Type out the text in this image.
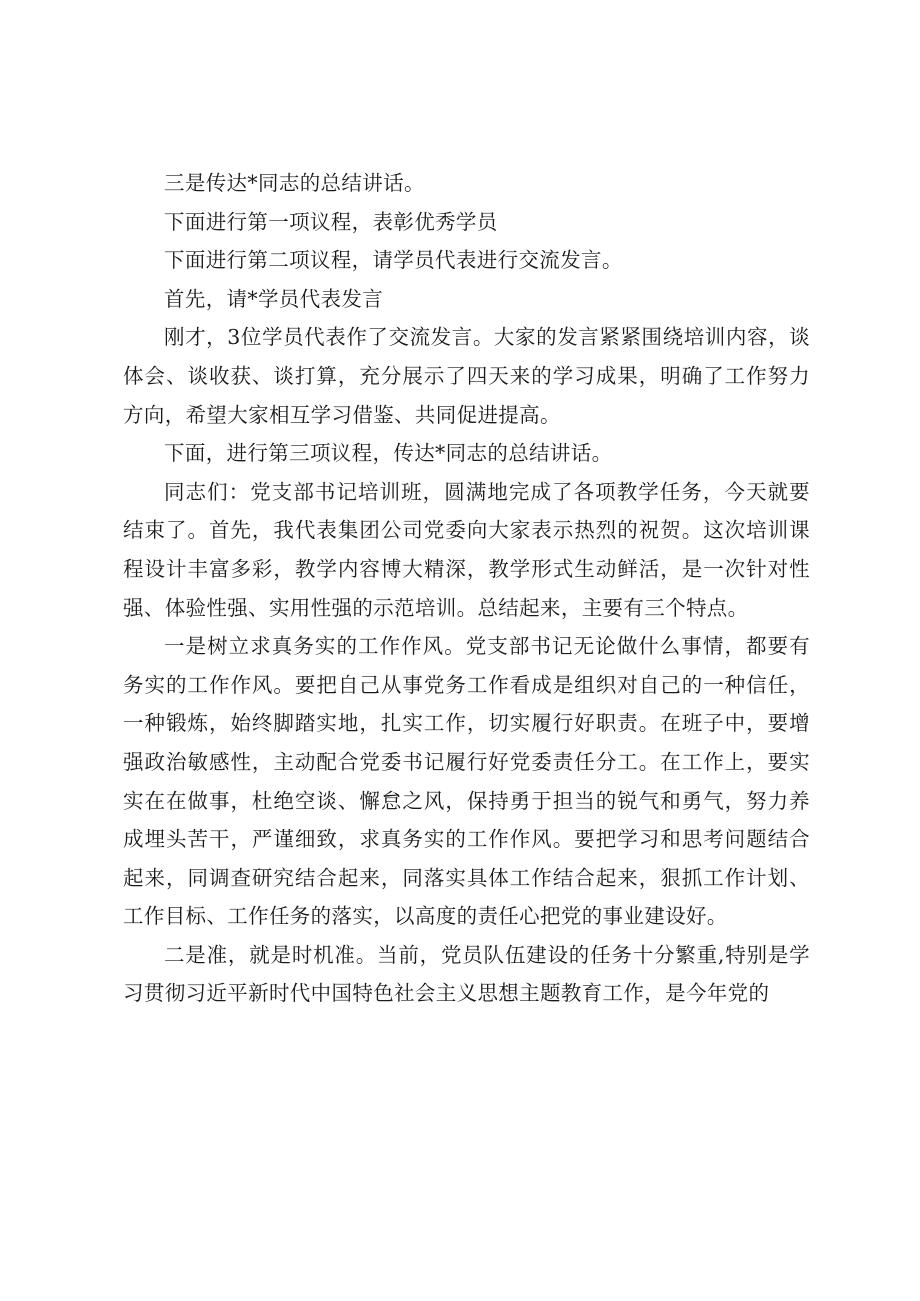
三是传达*同志的总结讲话。

下面进行第一项议程，表彰优秀学员

下面进行第二项议程，请学员代表进行交流发言。

首先，请*学员代表发言

刚才，3位学员代表作了交流发言。大家的发言紧紧围绕培训内容，谈体会、谈收获、谈打算，充分展示了四天来的学习成果，明确了工作努力方向，希望大家相互学习借鉴、共同促进提高。

下面，进行第三项议程，传达*同志的总结讲话。

同志们：党支部书记培训班，圆满地完成了各项教学任务，今天就要结束了。首先，我代表集团公司党委向大家表示热烈的祝贺。这次培训课程设计丰富多彩，教学内容博大精深，教学形式生动鲜活，是一次针对性强、体验性强、实用性强的示范培训。总结起来，主要有三个特点。

一是树立求真务实的工作作风。党支部书记无论做什么事情，都要有务实的工作作风。要把自己从事党务工作看成是组织对自己的一种信任，一种锻炼，始终脚踏实地，扎实工作，切实履行好职责。在班子中，要增强政治敏感性，主动配合党委书记履行好党委责任分工。在工作上，要实实在在做事，杜绝空谈、懈怠之风，保持勇于担当的锐气和勇气，努力养成埋头苦干，严谨细致，求真务实的工作作风。要把学习和思考问题结合起来，同调查研究结合起来，同落实具体工作结合起来，狠抓工作计划、工作目标、工作任务的落实，以高度的责任心把党的事业建设好。

二是准，就是时机准。当前，党员队伍建设的任务十分繁重,特别是学习贯彻习近平新时代中国特色社会主义思想主题教育工作，是今年党的
